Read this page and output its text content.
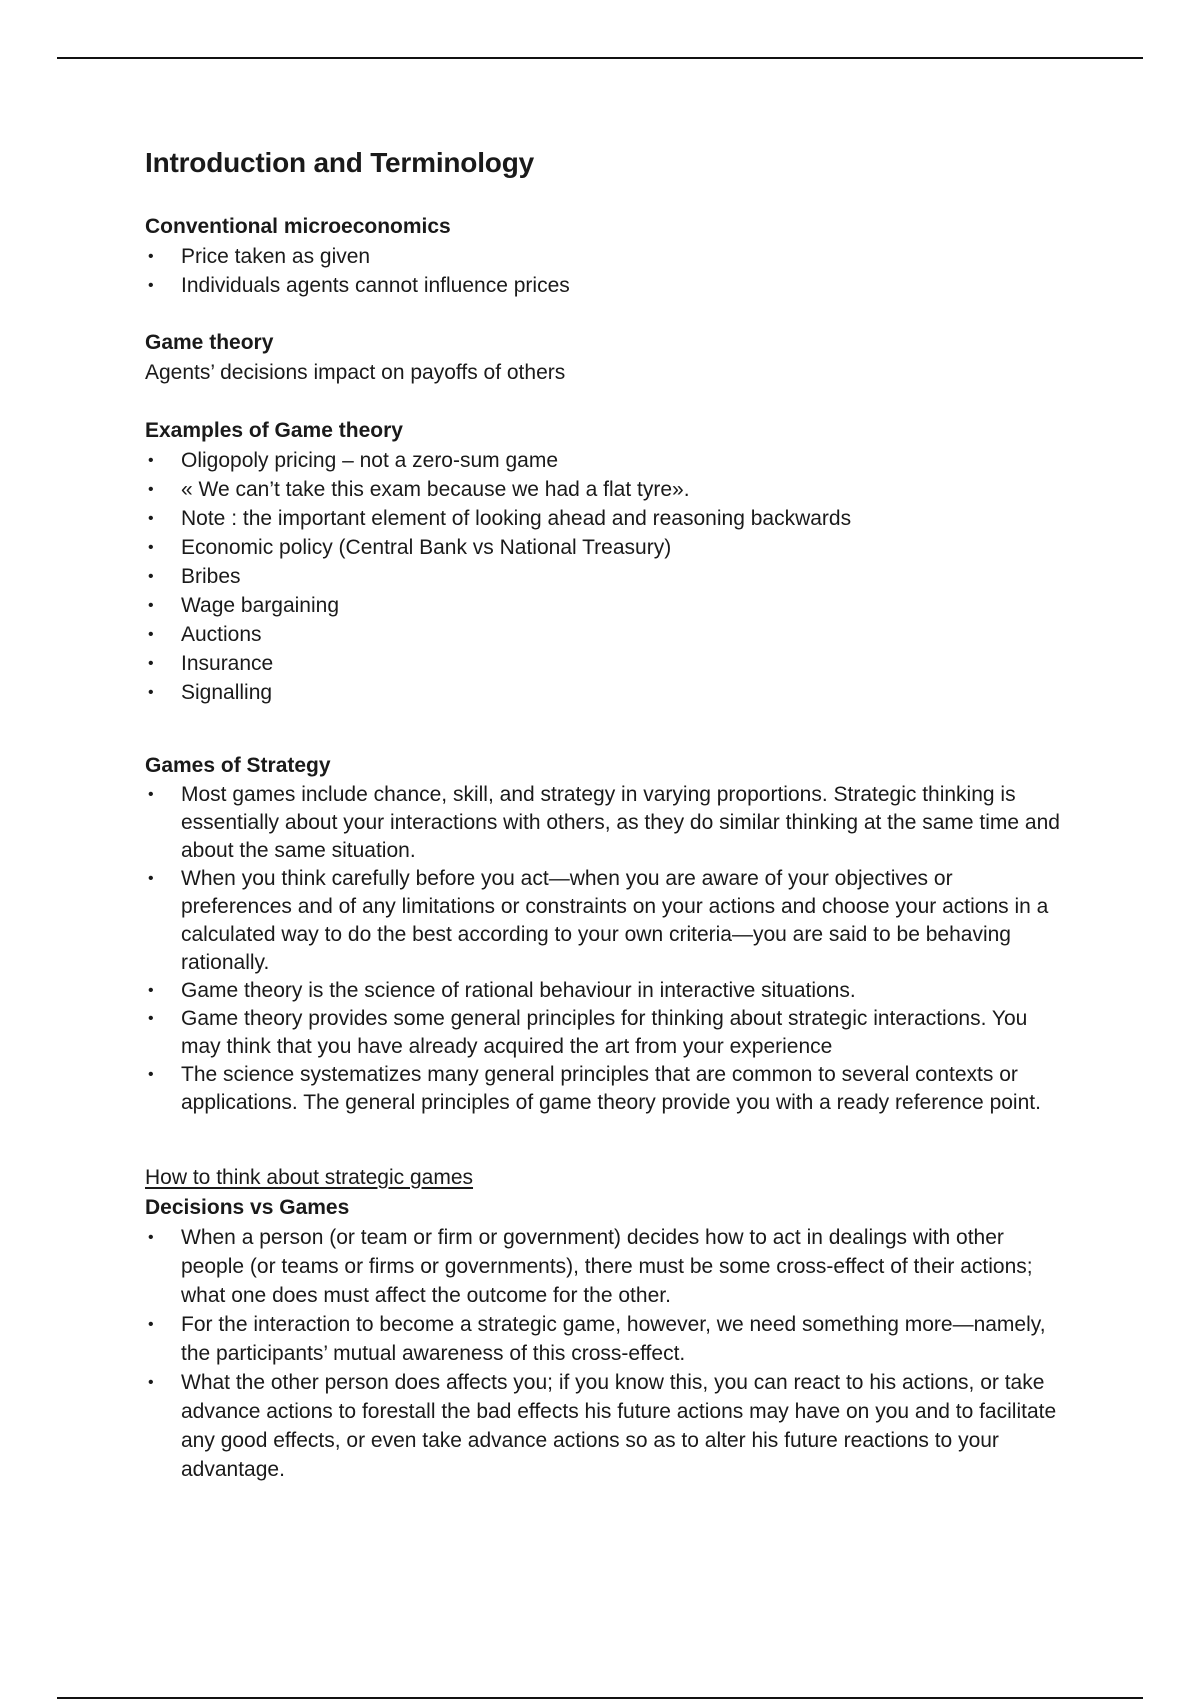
Introduction and Terminology

Conventional microeconomics

• Price taken as given
• Individuals agents cannot influence prices

Game theory

Agents’ decisions impact on payoffs of others

Examples of Game theory

• Oligopoly pricing – not a zero-sum game
• « We can’t take this exam because we had a flat tyre».
• Note : the important element of looking ahead and reasoning backwards
• Economic policy (Central Bank vs National Treasury)
• Bribes
• Wage bargaining
• Auctions
• Insurance
• Signalling

Games of Strategy

• Most games include chance, skill, and strategy in varying proportions. Strategic thinking is essentially about your interactions with others, as they do similar thinking at the same time and about the same situation.
• When you think carefully before you act—when you are aware of your objectives or preferences and of any limitations or constraints on your actions and choose your actions in a calculated way to do the best according to your own criteria—you are said to be behaving rationally.
• Game theory is the science of rational behaviour in interactive situations.
• Game theory provides some general principles for thinking about strategic interactions. You may think that you have already acquired the art from your experience
• The science systematizes many general principles that are common to several contexts or applications. The general principles of game theory provide you with a ready reference point.

How to think about strategic games

Decisions vs Games

• When a person (or team or firm or government) decides how to act in dealings with other people (or teams or firms or governments), there must be some cross-effect of their actions; what one does must affect the outcome for the other.
• For the interaction to become a strategic game, however, we need something more—namely, the participants’ mutual awareness of this cross-effect.
• What the other person does affects you; if you know this, you can react to his actions, or take advance actions to forestall the bad effects his future actions may have on you and to facilitate any good effects, or even take advance actions so as to alter his future reactions to your advantage.
